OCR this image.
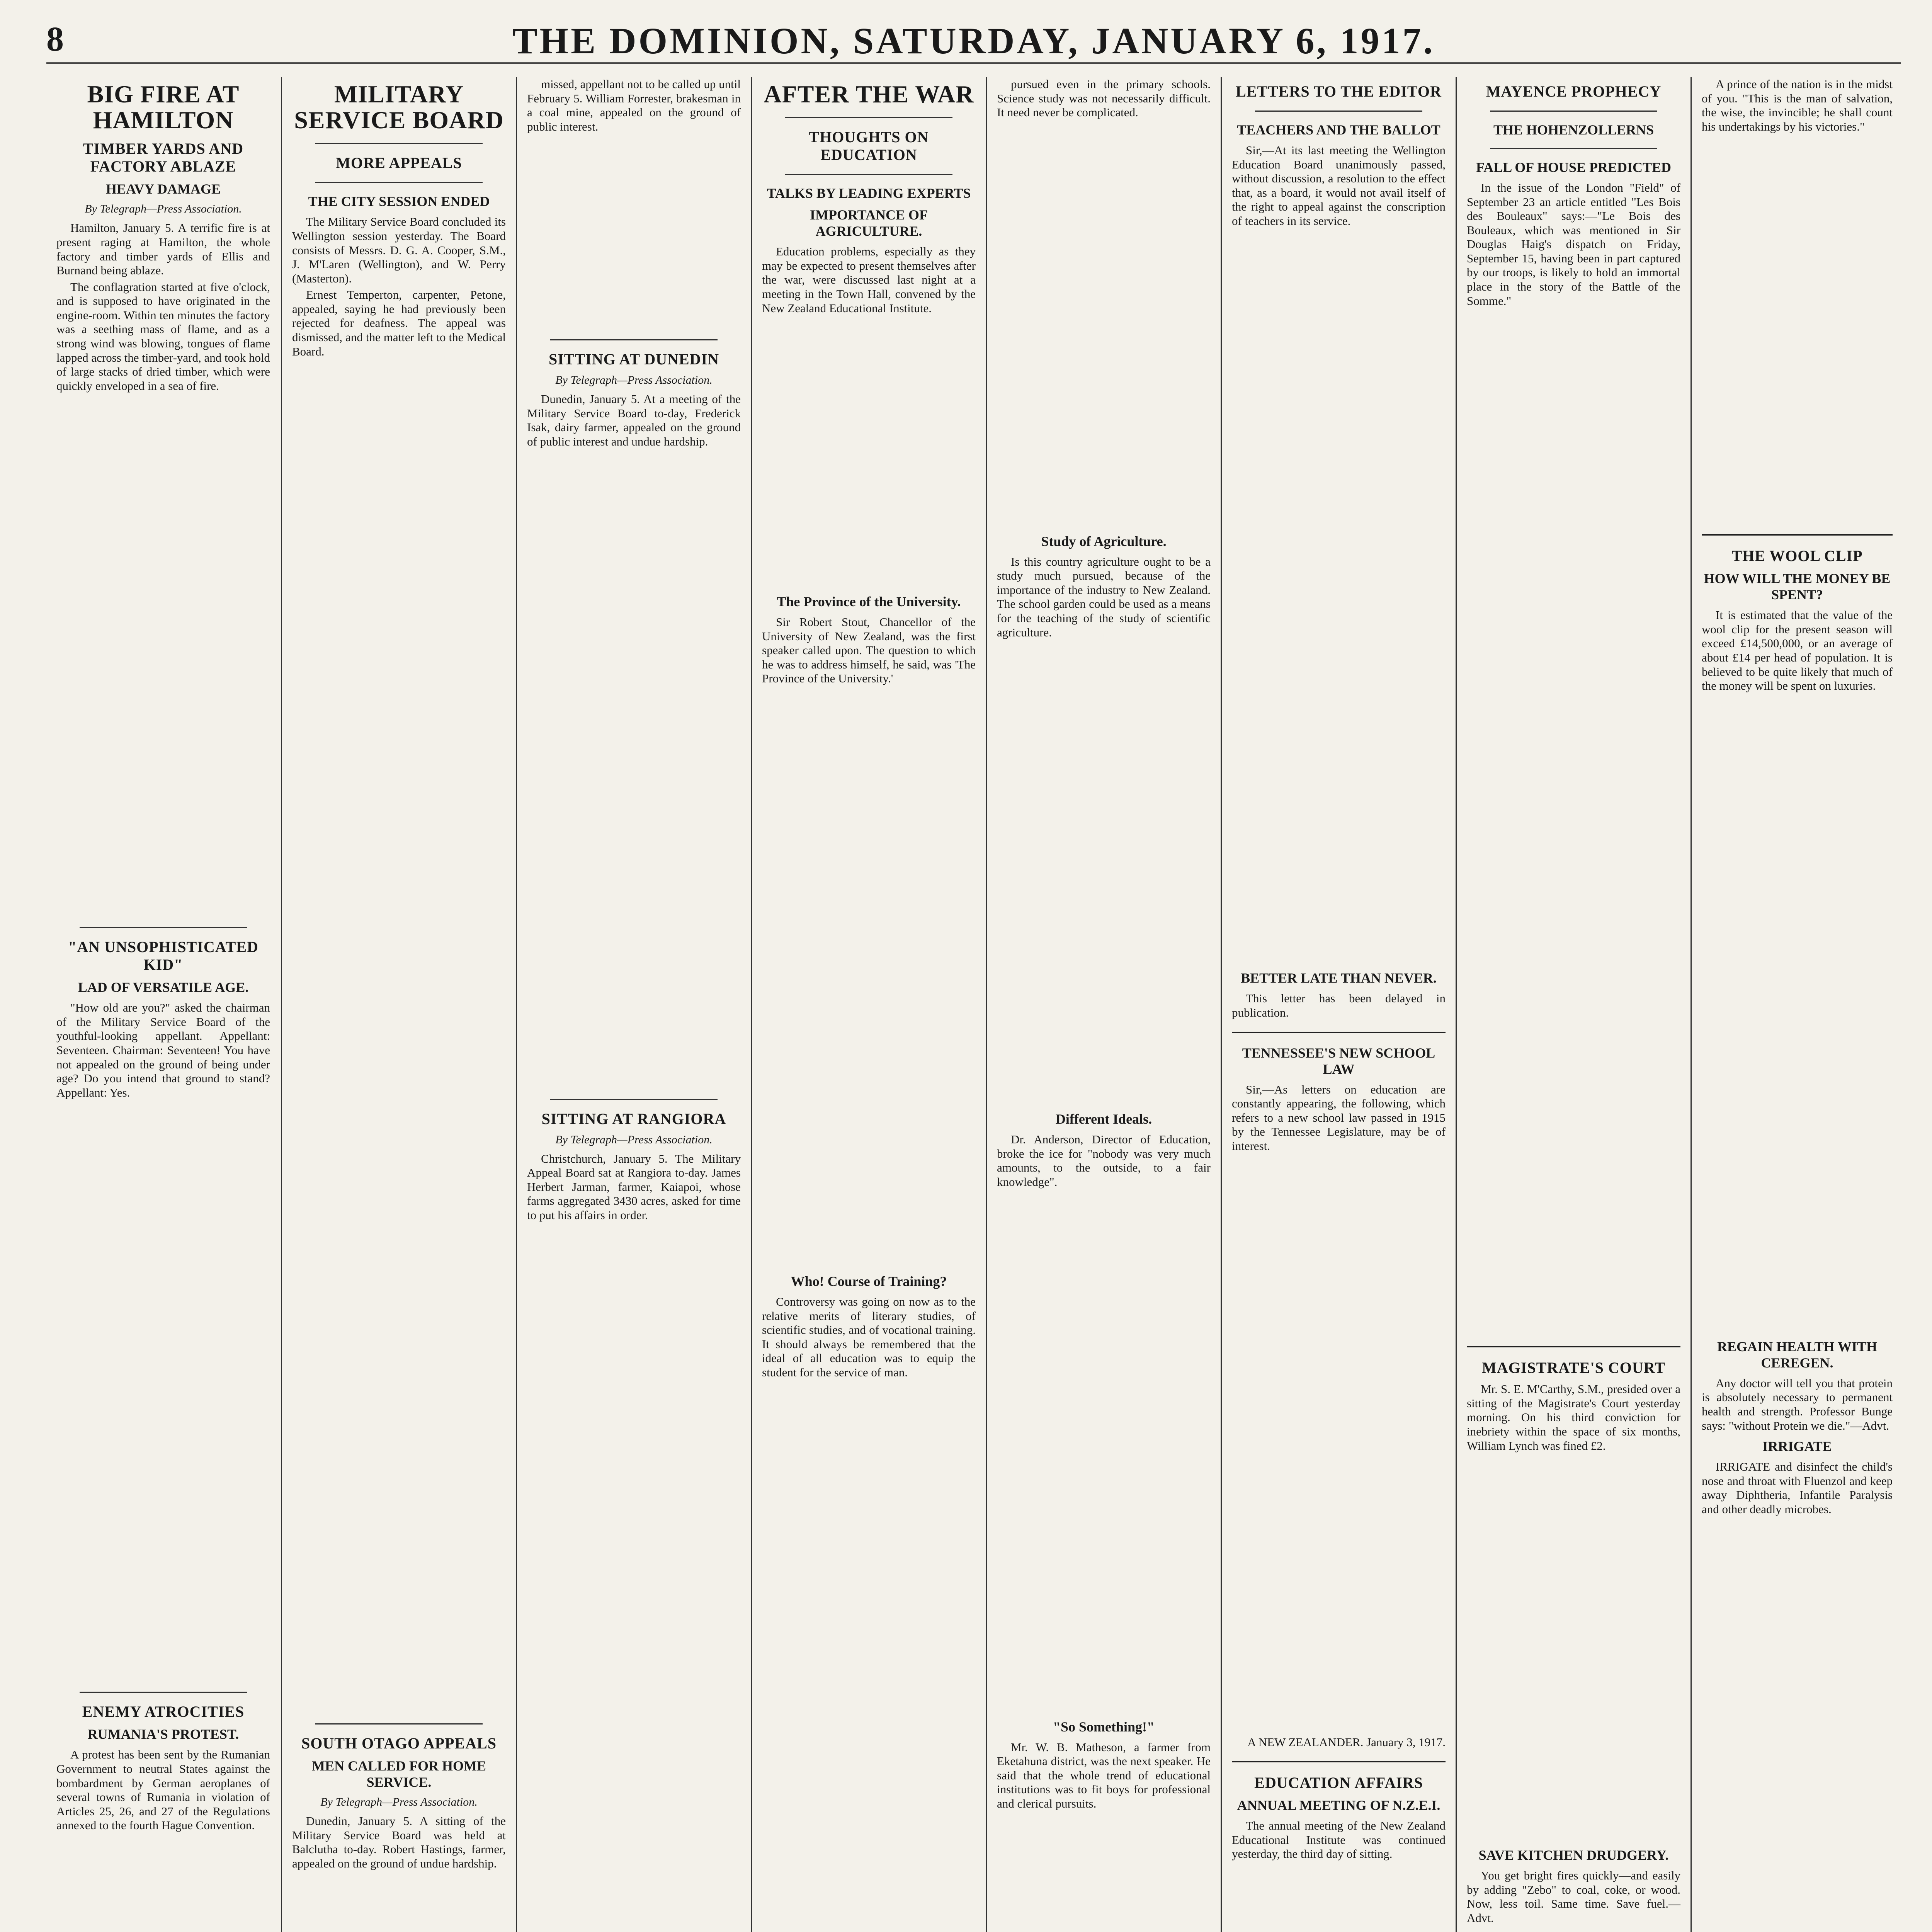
8	THE DOMINION, SATURDAY, JANUARY 6, 1917.
BIG FIRE AT HAMILTON
TIMBER YARDS AND FACTORY ABLAZE
HEAVY DAMAGE
By Telegraph—Press Association.

Hamilton, January 5. A terrific fire is at present raging at Hamilton, the whole factory and timber yards of Ellis and Burnand being ablaze.

The conflagration started at five o'clock, and is supposed to have originated in the engine-room. Within ten minutes the factory was a seething mass of flame, and as a strong wind was blowing, tongues of flame lapped across the timber-yard, and took hold of large stacks of dried timber, which were quickly enveloped in a sea of fire.

"AN UNSOPHISTICATED KID"
LAD OF VERSATILE AGE.

"How old are you?" asked the chairman of the Military Service Board of the youthful-looking appellant. Appellant: Seventeen. Chairman: Seventeen! You have not appealed on the ground of being under age? Do you intend that ground to stand? Appellant: Yes.

ENEMY ATROCITIES
RUMANIA'S PROTEST.

A protest has been sent by the Rumanian Government to neutral States against the bombardment by German aeroplanes of several towns of Rumania in violation of Articles 25, 26, and 27 of the Regulations annexed to the fourth Hague Convention.

MILITARY SERVICE BOARD
MORE APPEALS
THE CITY SESSION ENDED

The Military Service Board concluded its Wellington session yesterday. The Board consists of Messrs. D. G. A. Cooper, S.M., J. M'Laren (Wellington), and W. Perry (Masterton).

Ernest Temperton, carpenter, Petone, appealed, saying he had previously been rejected for deafness. The appeal was dismissed, and the matter left to the Medical Board.

SOUTH OTAGO APPEALS
MEN CALLED FOR HOME SERVICE.
By Telegraph—Press Association.

Dunedin, January 5. A sitting of the Military Service Board was held at Balclutha to-day. Robert Hastings, farmer, appealed on the ground of undue hardship.

missed, appellant not to be called up until February 5. William Forrester, brakesman in a coal mine, appealed on the ground of public interest.

SITTING AT DUNEDIN
By Telegraph—Press Association.

Dunedin, January 5. At a meeting of the Military Service Board to-day, Frederick Isak, dairy farmer, appealed on the ground of public interest and undue hardship.

SITTING AT RANGIORA
By Telegraph—Press Association.

Christchurch, January 5. The Military Appeal Board sat at Rangiora to-day. James Herbert Jarman, farmer, Kaiapoi, whose farms aggregated 3430 acres, asked for time to put his affairs in order.

AFTER THE WAR
THOUGHTS ON EDUCATION
TALKS BY LEADING EXPERTS
IMPORTANCE OF AGRICULTURE.

Education problems, especially as they may be expected to present themselves after the war, were discussed last night at a meeting in the Town Hall, convened by the New Zealand Educational Institute.

The Province of the University.

Sir Robert Stout, Chancellor of the University of New Zealand, was the first speaker called upon. The question to which he was to address himself, he said, was 'The Province of the University.'

Who! Course of Training?

Controversy was going on now as to the relative merits of literary studies, of scientific studies, and of vocational training. It should always be remembered that the ideal of all education was to equip the student for the service of man.

pursued even in the primary schools. Science study was not necessarily difficult. It need never be complicated.

Study of Agriculture.

Is this country agriculture ought to be a study much pursued, because of the importance of the industry to New Zealand. The school garden could be used as a means for the teaching of the study of scientific agriculture.

Different Ideals.

Dr. Anderson, Director of Education, broke the ice for "nobody was very much amounts, to the outside, to a fair knowledge".

"So Something!"

Mr. W. B. Matheson, a farmer from Eketahuna district, was the next speaker. He said that the whole trend of educational institutions was to fit boys for professional and clerical pursuits.

LETTERS TO THE EDITOR
TEACHERS AND THE BALLOT

Sir,—At its last meeting the Wellington Education Board unanimously passed, without discussion, a resolution to the effect that, as a board, it would not avail itself of the right to appeal against the conscription of teachers in its service.

BETTER LATE THAN NEVER.

This letter has been delayed in publication.

TENNESSEE'S NEW SCHOOL LAW

Sir,—As letters on education are constantly appearing, the following, which refers to a new school law passed in 1915 by the Tennessee Legislature, may be of interest.

A NEW ZEALANDER. January 3, 1917.

EDUCATION AFFAIRS
ANNUAL MEETING OF N.Z.E.I.

The annual meeting of the New Zealand Educational Institute was continued yesterday, the third day of sitting.

MAYENCE PROPHECY
THE HOHENZOLLERNS
FALL OF HOUSE PREDICTED

In the issue of the London "Field" of September 23 an article entitled "Les Bois des Bouleaux" says:—"Le Bois des Bouleaux, which was mentioned in Sir Douglas Haig's dispatch on Friday, September 15, having been in part captured by our troops, is likely to hold an immortal place in the story of the Battle of the Somme."

MAGISTRATE'S COURT

Mr. S. E. M'Carthy, S.M., presided over a sitting of the Magistrate's Court yesterday morning. On his third conviction for inebriety within the space of six months, William Lynch was fined £2.

SAVE KITCHEN DRUDGERY.

You get bright fires quickly—and easily by adding "Zebo" to coal, coke, or wood. Now, less toil. Same time. Save fuel.—Advt.

A prince of the nation is in the midst of you. "This is the man of salvation, the wise, the invincible; he shall count his undertakings by his victories."

THE WOOL CLIP
HOW WILL THE MONEY BE SPENT?

It is estimated that the value of the wool clip for the present season will exceed £14,500,000, or an average of about £14 per head of population. It is believed to be quite likely that much of the money will be spent on luxuries.

REGAIN HEALTH WITH CEREGEN.

Any doctor will tell you that protein is absolutely necessary to permanent health and strength. Professor Bunge says: "without Protein we die."—Advt.

IRRIGATE

IRRIGATE and disinfect the child's nose and throat with Fluenzol and keep away Diphtheria, Infantile Paralysis and other deadly microbes.
